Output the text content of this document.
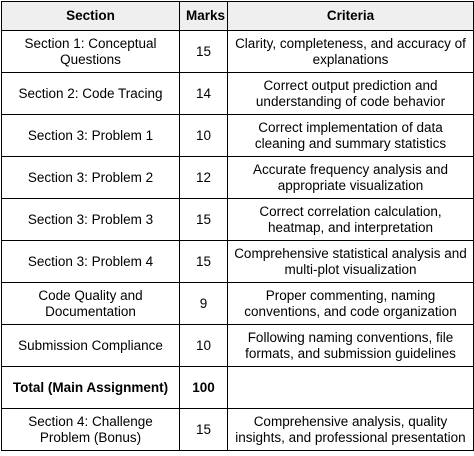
Section	Marks	Criteria
Section 1: Conceptual Questions	15	Clarity, completeness, and accuracy of explanations
Section 2: Code Tracing	14	Correct output prediction and understanding of code behavior
Section 3: Problem 1	10	Correct implementation of data cleaning and summary statistics
Section 3: Problem 2	12	Accurate frequency analysis and appropriate visualization
Section 3: Problem 3	15	Correct correlation calculation, heatmap, and interpretation
Section 3: Problem 4	15	Comprehensive statistical analysis and multi-plot visualization
Code Quality and Documentation	9	Proper commenting, naming conventions, and code organization
Submission Compliance	10	Following naming conventions, file formats, and submission guidelines
Total (Main Assignment)	100	
Section 4: Challenge Problem (Bonus)	15	Comprehensive analysis, quality insights, and professional presentation
